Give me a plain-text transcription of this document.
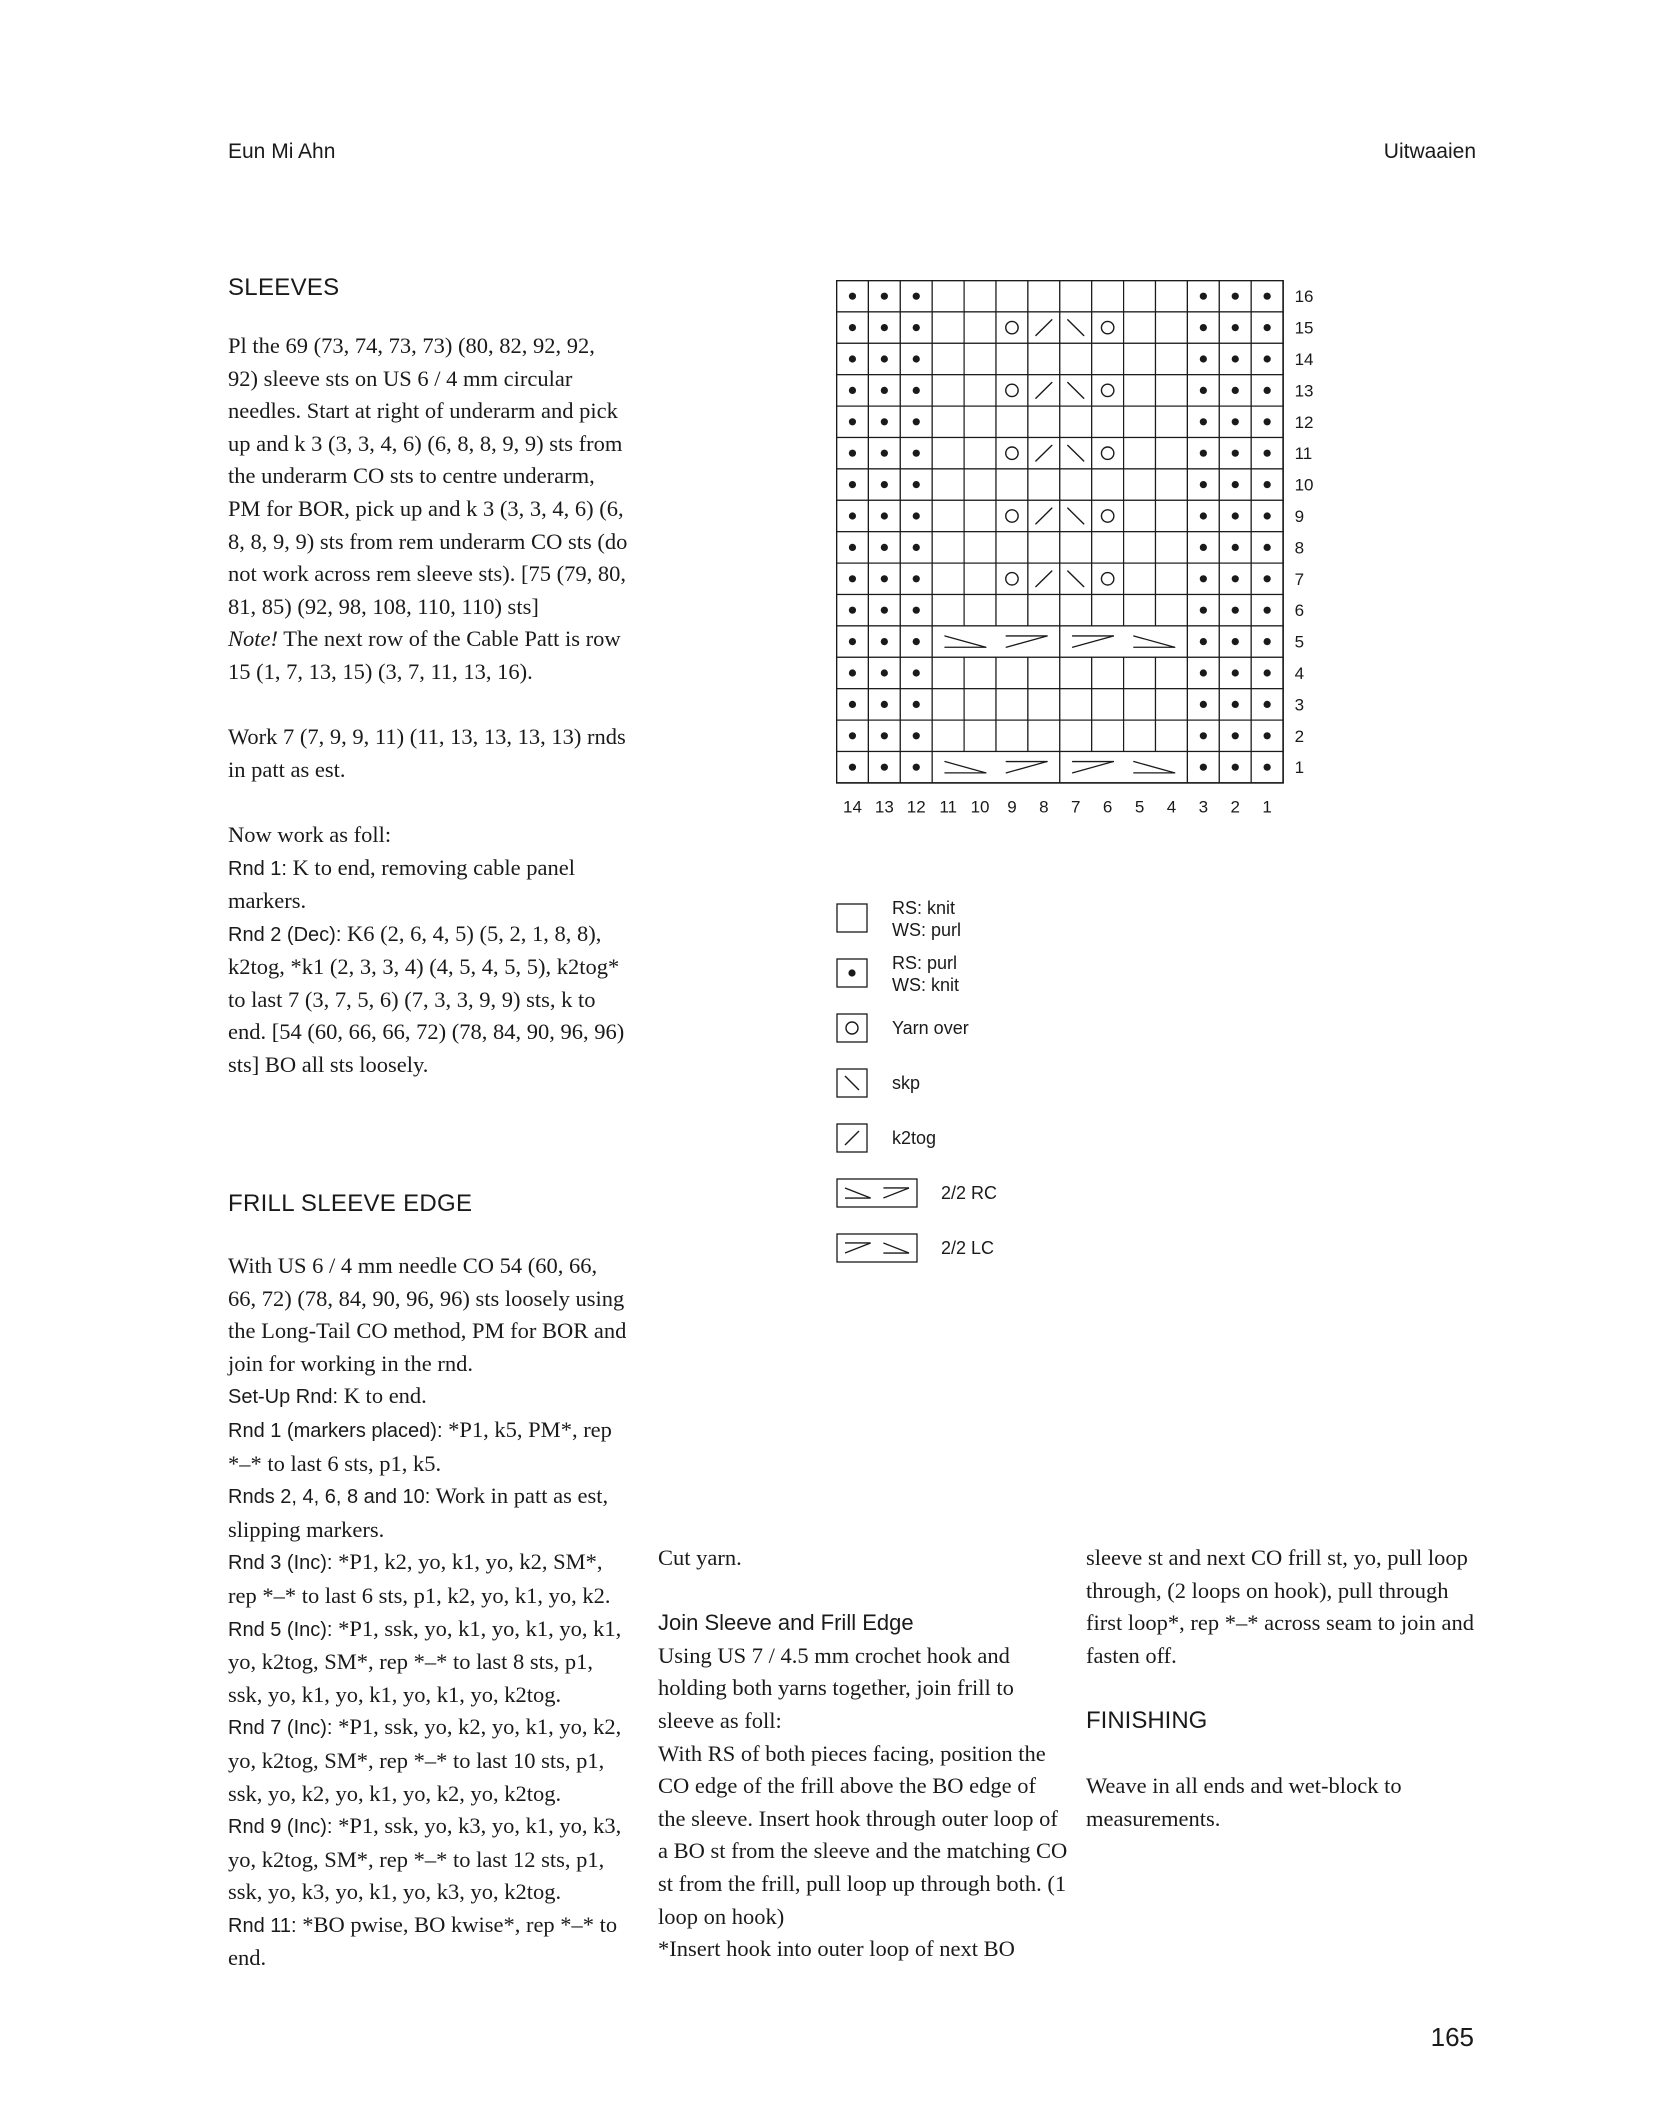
Eun Mi Ahn	Uitwaaien
SLEEVES

Pl the 69 (73, 74, 73, 73) (80, 82, 92, 92, 92) sleeve sts on US 6 / 4 mm circular needles. Start at right of underarm and pick up and k 3 (3, 3, 4, 6) (6, 8, 8, 9, 9) sts from the underarm CO sts to centre underarm, PM for BOR, pick up and k 3 (3, 3, 4, 6) (6, 8, 8, 9, 9) sts from rem underarm CO sts (do not work across rem sleeve sts). [75 (79, 80, 81, 85) (92, 98, 108, 110, 110) sts]

Note! The next row of the Cable Patt is row 15 (1, 7, 13, 15) (3, 7, 11, 13, 16).

Work 7 (7, 9, 9, 11) (11, 13, 13, 13, 13) rnds in patt as est.

Now work as foll:

Rnd 1: K to end, removing cable panel markers.

Rnd 2 (Dec): K6 (2, 6, 4, 5) (5, 2, 1, 8, 8), k2tog, *k1 (2, 3, 3, 4) (4, 5, 4, 5, 5), k2tog* to last 7 (3, 7, 5, 6) (7, 3, 3, 9, 9) sts, k to end. [54 (60, 66, 66, 72) (78, 84, 90, 96, 96) sts] BO all sts loosely.

FRILL SLEEVE EDGE

With US 6 / 4 mm needle CO 54 (60, 66, 66, 72) (78, 84, 90, 96, 96) sts loosely using the Long-Tail CO method, PM for BOR and join for working in the rnd.

Set-Up Rnd: K to end.

Rnd 1 (markers placed): *P1, k5, PM*, rep *–* to last 6 sts, p1, k5.

Rnds 2, 4, 6, 8 and 10: Work in patt as est, slipping markers.

Rnd 3 (Inc): *P1, k2, yo, k1, yo, k2, SM*, rep *–* to last 6 sts, p1, k2, yo, k1, yo, k2.

Rnd 5 (Inc): *P1, ssk, yo, k1, yo, k1, yo, k1, yo, k2tog, SM*, rep *–* to last 8 sts, p1, ssk, yo, k1, yo, k1, yo, k1, yo, k2tog.

Rnd 7 (Inc): *P1, ssk, yo, k2, yo, k1, yo, k2, yo, k2tog, SM*, rep *–* to last 10 sts, p1, ssk, yo, k2, yo, k1, yo, k2, yo, k2tog.

Rnd 9 (Inc): *P1, ssk, yo, k3, yo, k1, yo, k3, yo, k2tog, SM*, rep *–* to last 12 sts, p1, ssk, yo, k3, yo, k1, yo, k3, yo, k2tog.

Rnd 11: *BO pwise, BO kwise*, rep *–* to end.

Cut yarn.

Join Sleeve and Frill Edge

Using US 7 / 4.5 mm crochet hook and holding both yarns together, join frill to sleeve as foll:

With RS of both pieces facing, position the CO edge of the frill above the BO edge of the sleeve. Insert hook through outer loop of a BO st from the sleeve and the matching CO st from the frill, pull loop up through both. (1 loop on hook)

*Insert hook into outer loop of next BO

sleeve st and next CO frill st, yo, pull loop through, (2 loops on hook), pull through first loop*, rep *–* across seam to join and fasten off.

FINISHING

Weave in all ends and wet-block to measurements.

16
15
14
13
12
11
10
9
8
7
6
5
4
3
2
1
14 13 12 11 10 9 8 7 6 5 4 3 2 1
RS: knit
WS: purl
RS: purl
WS: knit
Yarn over
skp
k2tog
2/2 RC
2/2 LC
165
